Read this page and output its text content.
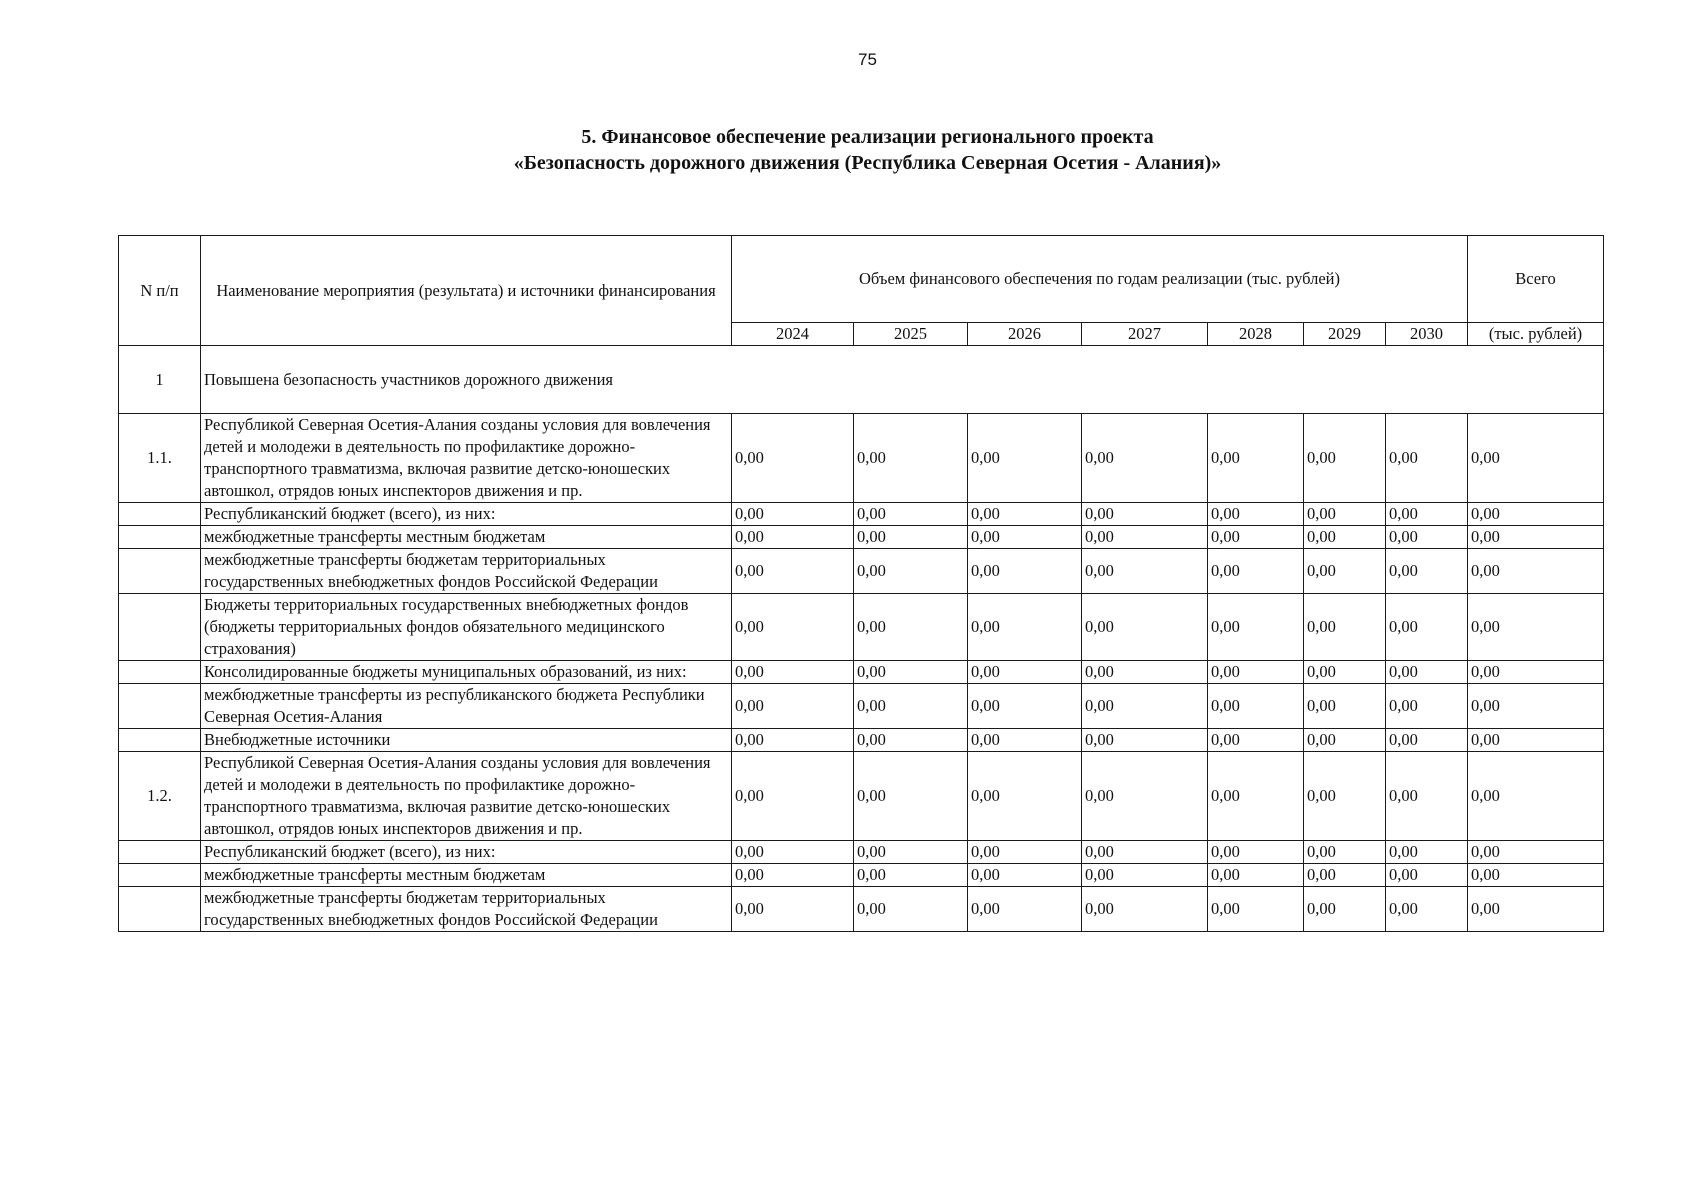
75
5. Финансовое обеспечение реализации регионального проекта
«Безопасность дорожного движения (Республика Северная Осетия - Алания)»
N п/п	Наименование мероприятия (результата) и источники финансирования	Объем финансового обеспечения по годам реализации (тыс. рублей)							Всего
		2024	2025	2026	2027	2028	2029	2030	(тыс. рублей)
1	Повышена безопасность участников дорожного движения								
1.1.	Республикой Северная Осетия-Алания созданы условия для вовлечения детей и молодежи в деятельность по профилактике дорожно-транспортного травматизма, включая развитие детско-юношеских автошкол, отрядов юных инспекторов движения и пр.	0,00	0,00	0,00	0,00	0,00	0,00	0,00	0,00
	Республиканский бюджет (всего), из них:	0,00	0,00	0,00	0,00	0,00	0,00	0,00	0,00
	межбюджетные трансферты местным бюджетам	0,00	0,00	0,00	0,00	0,00	0,00	0,00	0,00
	межбюджетные трансферты бюджетам территориальных государственных внебюджетных фондов Российской Федерации	0,00	0,00	0,00	0,00	0,00	0,00	0,00	0,00
	Бюджеты территориальных государственных внебюджетных фондов (бюджеты территориальных фондов обязательного медицинского страхования)	0,00	0,00	0,00	0,00	0,00	0,00	0,00	0,00
	Консолидированные бюджеты муниципальных образований, из них:	0,00	0,00	0,00	0,00	0,00	0,00	0,00	0,00
	межбюджетные трансферты из республиканского бюджета Республики Северная Осетия-Алания	0,00	0,00	0,00	0,00	0,00	0,00	0,00	0,00
	Внебюджетные источники	0,00	0,00	0,00	0,00	0,00	0,00	0,00	0,00
1.2.	Республикой Северная Осетия-Алания созданы условия для вовлечения детей и молодежи в деятельность по профилактике дорожно-транспортного травматизма, включая развитие детско-юношеских автошкол, отрядов юных инспекторов движения и пр.	0,00	0,00	0,00	0,00	0,00	0,00	0,00	0,00
	Республиканский бюджет (всего), из них:	0,00	0,00	0,00	0,00	0,00	0,00	0,00	0,00
	межбюджетные трансферты местным бюджетам	0,00	0,00	0,00	0,00	0,00	0,00	0,00	0,00
	межбюджетные трансферты бюджетам территориальных государственных внебюджетных фондов Российской Федерации	0,00	0,00	0,00	0,00	0,00	0,00	0,00	0,00
